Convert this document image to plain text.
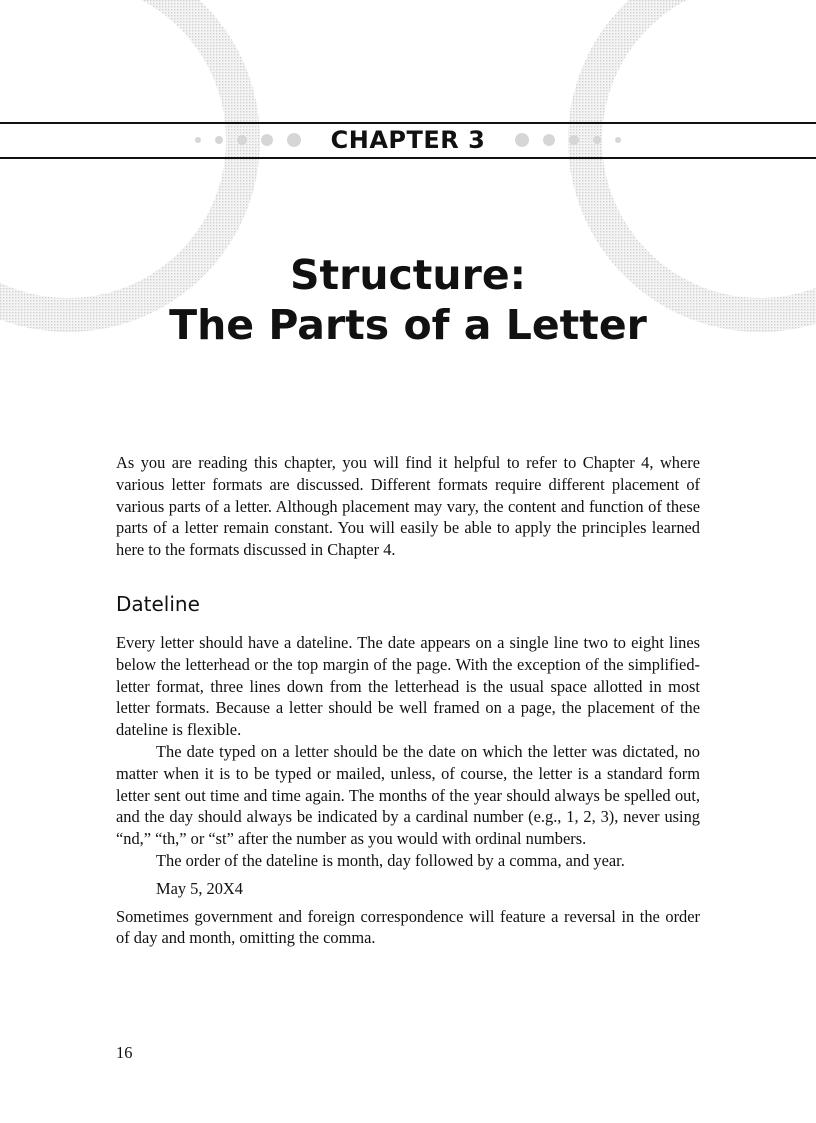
CHAPTER 3
Structure:
The Parts of a Letter

As you are reading this chapter, you will find it helpful to refer to Chapter 4, where various letter formats are discussed. Different formats require different placement of various parts of a letter. Although placement may vary, the content and function of these parts of a letter remain constant. You will easily be able to apply the principles learned here to the formats discussed in Chapter 4.

Dateline

Every letter should have a dateline. The date appears on a single line two to eight lines below the letterhead or the top margin of the page. With the exception of the simplified-letter format, three lines down from the letterhead is the usual space allotted in most letter formats. Because a letter should be well framed on a page, the placement of the dateline is flexible.

The date typed on a letter should be the date on which the letter was dictated, no matter when it is to be typed or mailed, unless, of course, the letter is a standard form letter sent out time and time again. The months of the year should always be spelled out, and the day should always be indicated by a cardinal number (e.g., 1, 2, 3), never using “nd,” “th,” or “st” after the number as you would with ordinal numbers.

The order of the dateline is month, day followed by a comma, and year.

May 5, 20X4

Sometimes government and foreign correspondence will feature a reversal in the order of day and month, omitting the comma.

16
